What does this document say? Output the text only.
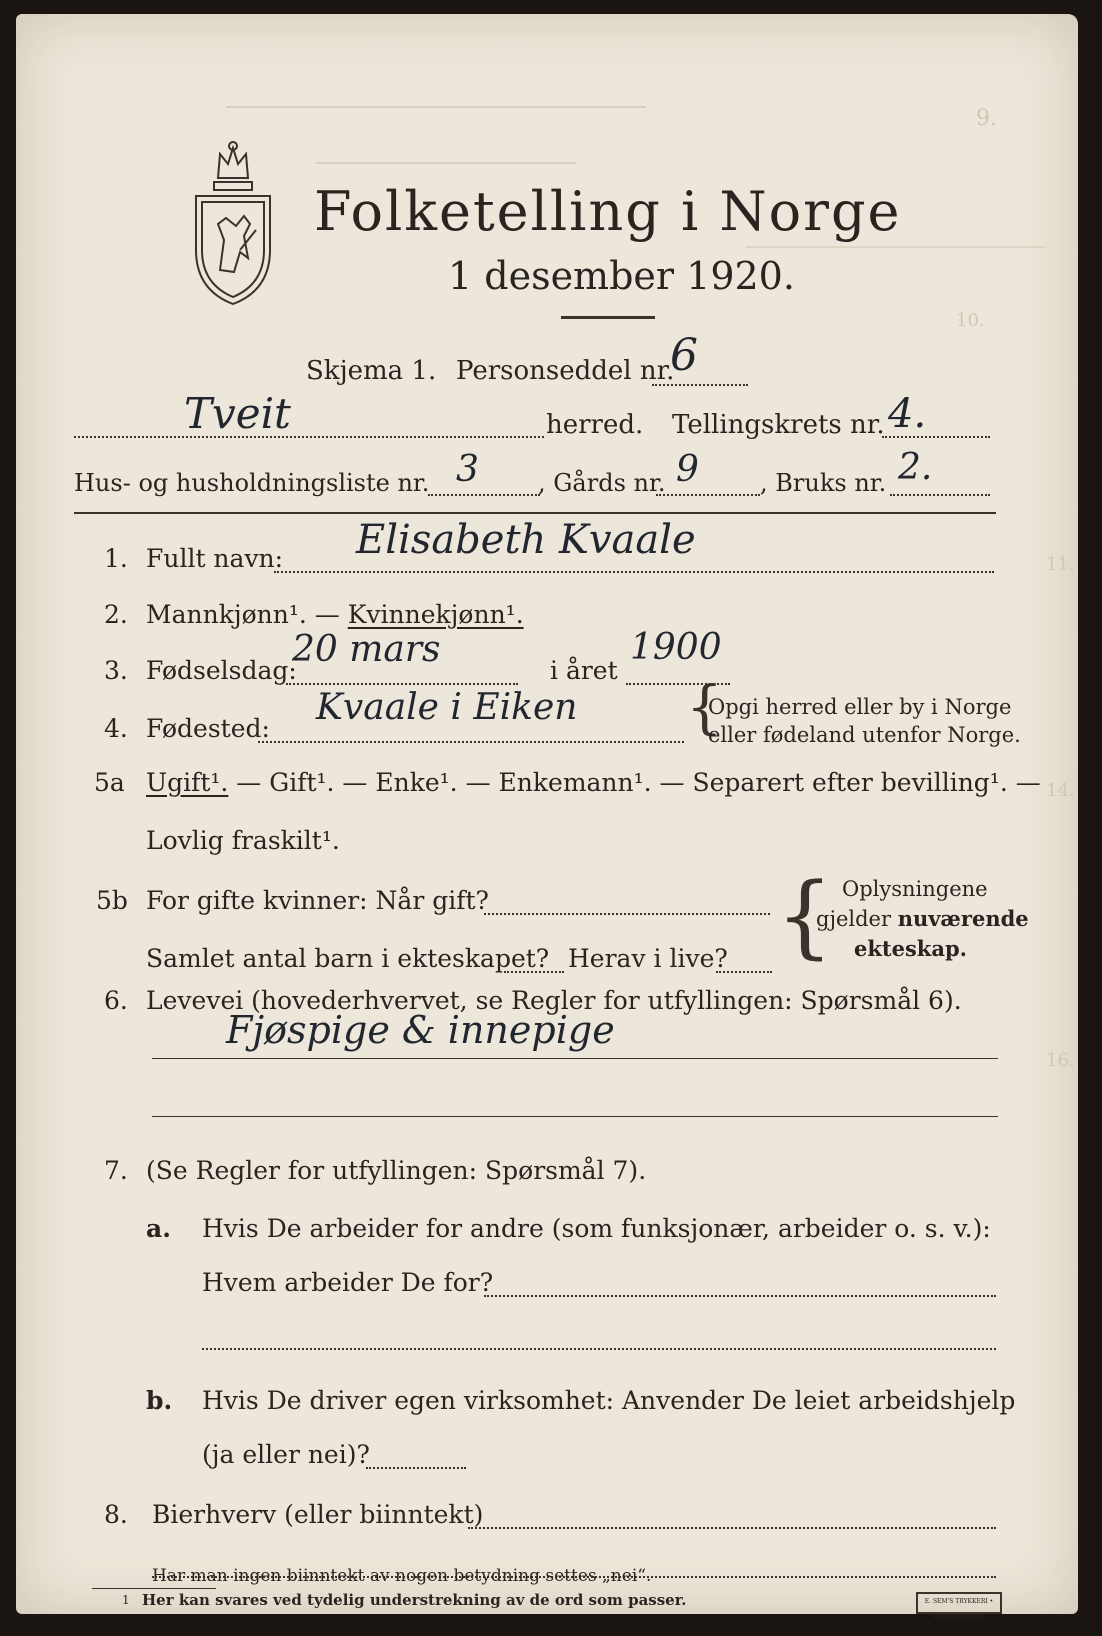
9.
10.
11.
14.
16.
Folketelling i Norge
1 desember 1920.
Skjema 1. Personseddel nr.
6
Tveit	herred. Tellingskrets nr. 4.
Hus- og husholdningsliste nr. 3 , Gårds nr. 9	, Bruks nr. 2.
1. Fullt navn: Elisabeth Kvaale
2. Mannkjønn¹. — Kvinnekjønn¹.
3. Fødselsdag:
20 mars
i året
1900
4. Fødested:
Kvaale i Eiken {
Opgi herred eller by i Norge
eller fødeland utenfor Norge.
5a Ugift¹. — Gift¹. — Enke¹. — Enkemann¹. — Separert efter bevilling¹. —
Lovlig fraskilt¹.
5b For gifte kvinner: Når gift?
Samlet antal barn i ekteskapet? Herav i live? { Oplysningene
gjelder nuværende
ekteskap.
6. Levevei (hovederhvervet, se Regler for utfyllingen: Spørsmål 6).
Fjøspige & innepige
7. (Se Regler for utfyllingen: Spørsmål 7).
a. Hvis De arbeider for andre (som funksjonær, arbeider o. s. v.):
Hvem arbeider De for?
b. Hvis De driver egen virksomhet: Anvender De leiet arbeidshjelp
(ja eller nei)?
8. Bierhverv (eller biinntekt)
Har man ingen biinntekt av nogen betydning settes „nei“.
1 Her kan svares ved tydelig understrekning av de ord som passer.	E. SEM'S TRYKKERI • FREDRIKSHALD
